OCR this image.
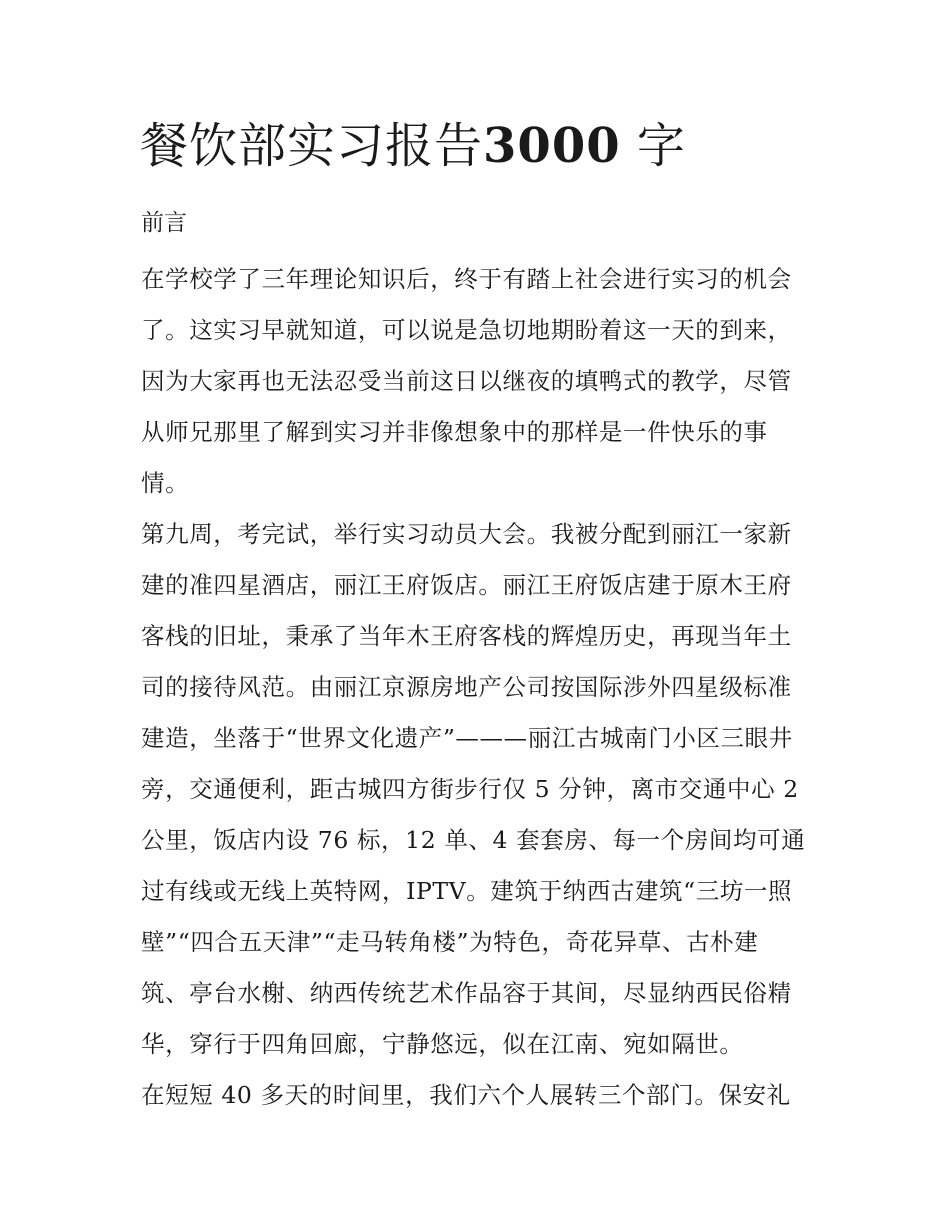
餐饮部实习报告3000 字
前言
在学校学了三年理论知识后，终于有踏上社会进行实习的机会
了。这实习早就知道，可以说是急切地期盼着这一天的到来，
因为大家再也无法忍受当前这日以继夜的填鸭式的教学，尽管
从师兄那里了解到实习并非像想象中的那样是一件快乐的事
情。
第九周，考完试，举行实习动员大会。我被分配到丽江一家新
建的准四星酒店，丽江王府饭店。丽江王府饭店建于原木王府
客栈的旧址，秉承了当年木王府客栈的辉煌历史，再现当年土
司的接待风范。由丽江京源房地产公司按国际涉外四星级标准
建造，坐落于“世界文化遗产”———丽江古城南门小区三眼井
旁，交通便利，距古城四方街步行仅 5 分钟，离市交通中心 2
公里，饭店内设 76 标，12 单、4 套套房、每一个房间均可通
过有线或无线上英特网，IPTV。建筑于纳西古建筑“三坊一照
壁”“四合五天津”“走马转角楼”为特色，奇花异草、古朴建
筑、亭台水榭、纳西传统艺术作品容于其间，尽显纳西民俗精
华，穿行于四角回廊，宁静悠远，似在江南、宛如隔世。
在短短 40 多天的时间里，我们六个人展转三个部门。保安礼
